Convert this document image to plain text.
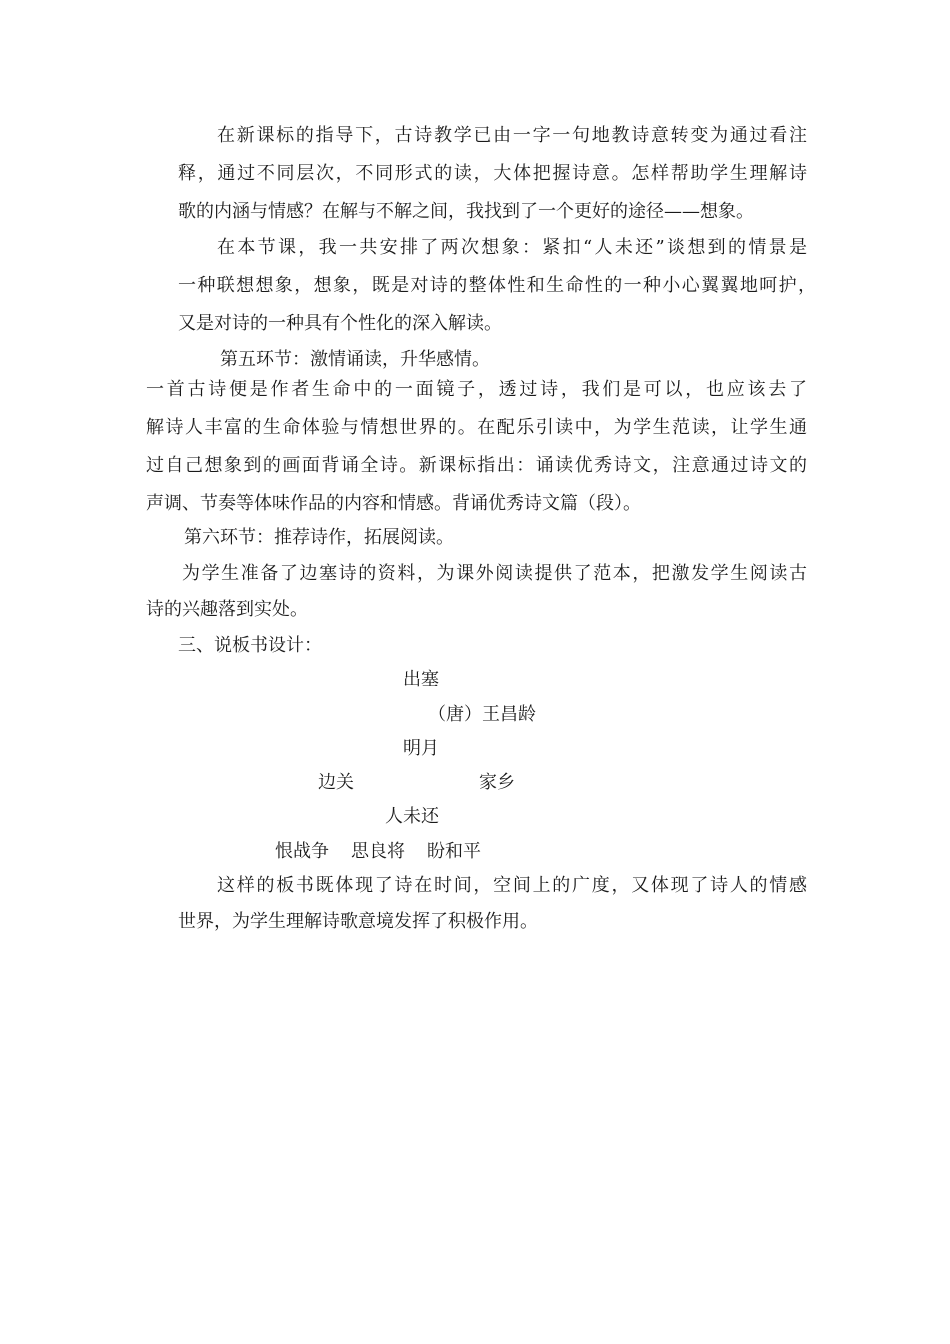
在新课标的指导下，古诗教学已由一字一句地教诗意转变为通过看注
释，通过不同层次，不同形式的读，大体把握诗意。怎样帮助学生理解诗
歌的内涵与情感？在解与不解之间，我找到了一个更好的途径——想象。
在本节课，我一共安排了两次想象：紧扣“人未还”谈想到的情景是
一种联想想象，想象，既是对诗的整体性和生命性的一种小心翼翼地呵护，
又是对诗的一种具有个性化的深入解读。
第五环节：激情诵读，升华感情。
一首古诗便是作者生命中的一面镜子，透过诗，我们是可以，也应该去了
解诗人丰富的生命体验与情想世界的。在配乐引读中，为学生范读，让学生通
过自己想象到的画面背诵全诗。新课标指出：诵读优秀诗文，注意通过诗文的
声调、节奏等体味作品的内容和情感。背诵优秀诗文篇（段）。
第六环节：推荐诗作，拓展阅读。
为学生准备了边塞诗的资料，为课外阅读提供了范本，把激发学生阅读古
诗的兴趣落到实处。
三、说板书设计：
出塞
（唐）王昌龄
明月
边关	家乡
人未还
恨战争 思良将 盼和平
这样的板书既体现了诗在时间，空间上的广度，又体现了诗人的情感
世界，为学生理解诗歌意境发挥了积极作用。
